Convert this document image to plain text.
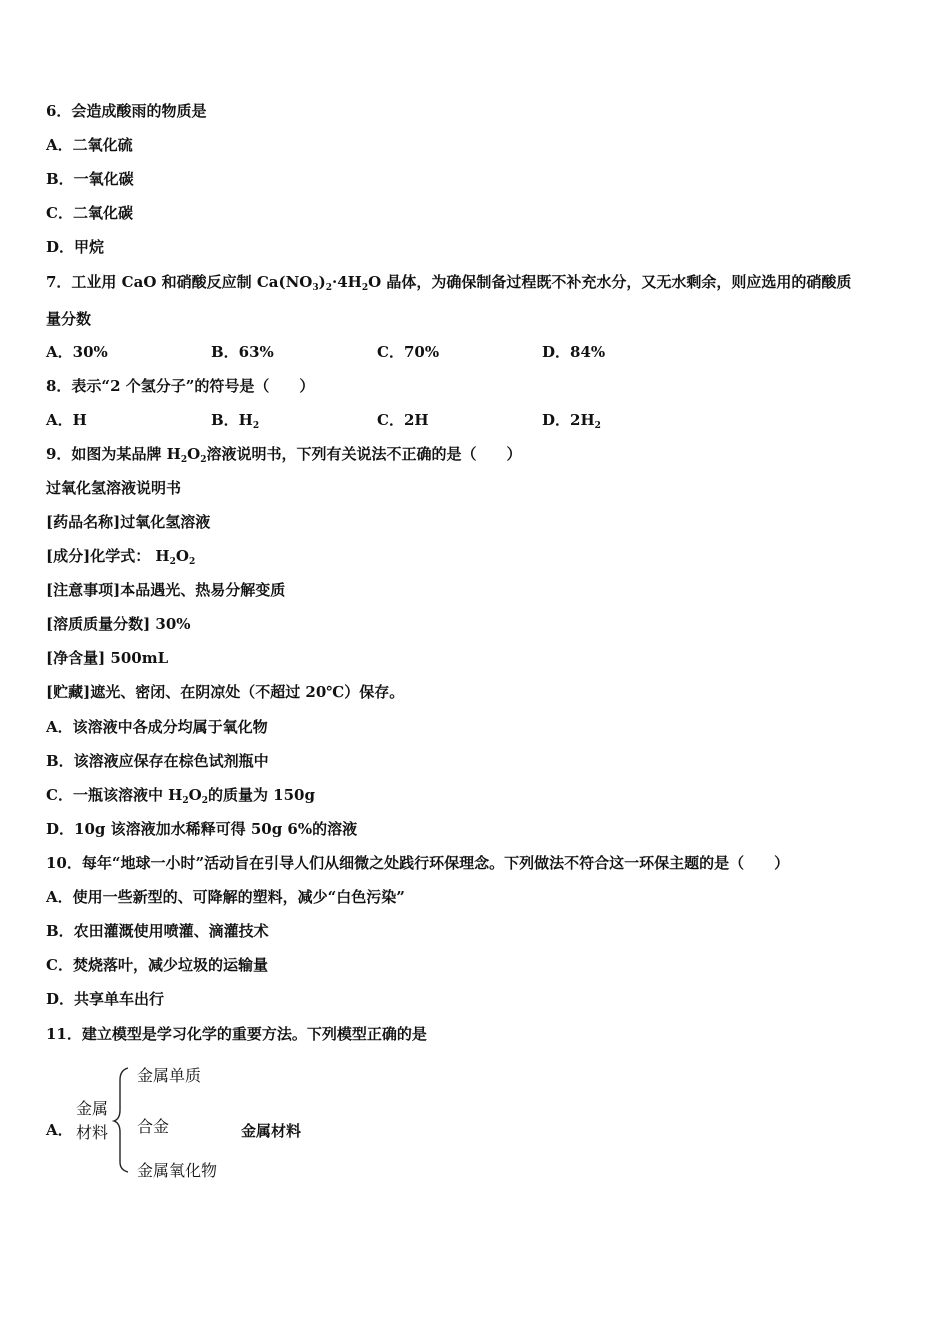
6．会造成酸雨的物质是
A．二氧化硫
B．一氧化碳
C．二氧化碳
D．甲烷
7．工业用 CaO 和硝酸反应制 $Ca(NO_3)_2\cdot 4H_2O$ 晶体，为确保制备过程既不补充水分，又无水剩余，则应选用的硝酸质
量分数
A．30%	B．63%	C．70%	D．84%
8．表示“2 个氢分子”的符号是（　　）
A．H	B．$H_2$	C．2H	D．$2H_2$
9．如图为某品牌 $H_2O_2$溶液说明书，下列有关说法不正确的是（　　）
过氧化氢溶液说明书
[药品名称]过氧化氢溶液
[成分]化学式： $H_2O_2$
[注意事项]本品遇光、热易分解变质
[溶质质量分数] 30%
[净含量] 500mL
[贮藏]遮光、密闭、在阴凉处（不超过 20℃）保存。
A．该溶液中各成分均属于氧化物
B．该溶液应保存在棕色试剂瓶中
C．一瓶该溶液中 $H_2O_2$的质量为 150g
D．10g 该溶液加水稀释可得 50g 6%的溶液
10．每年“地球一小时”活动旨在引导人们从细微之处践行环保理念。下列做法不符合这一环保主题的是（　　）
A．使用一些新型的、可降解的塑料，减少“白色污染”
B．农田灌溉使用喷灌、滴灌技术
C．焚烧落叶，减少垃圾的运输量
D．共享单车出行
11．建立模型是学习化学的重要方法。下列模型正确的是
A．
金属
材料
金属单质
合金
金属氧化物
金属材料
